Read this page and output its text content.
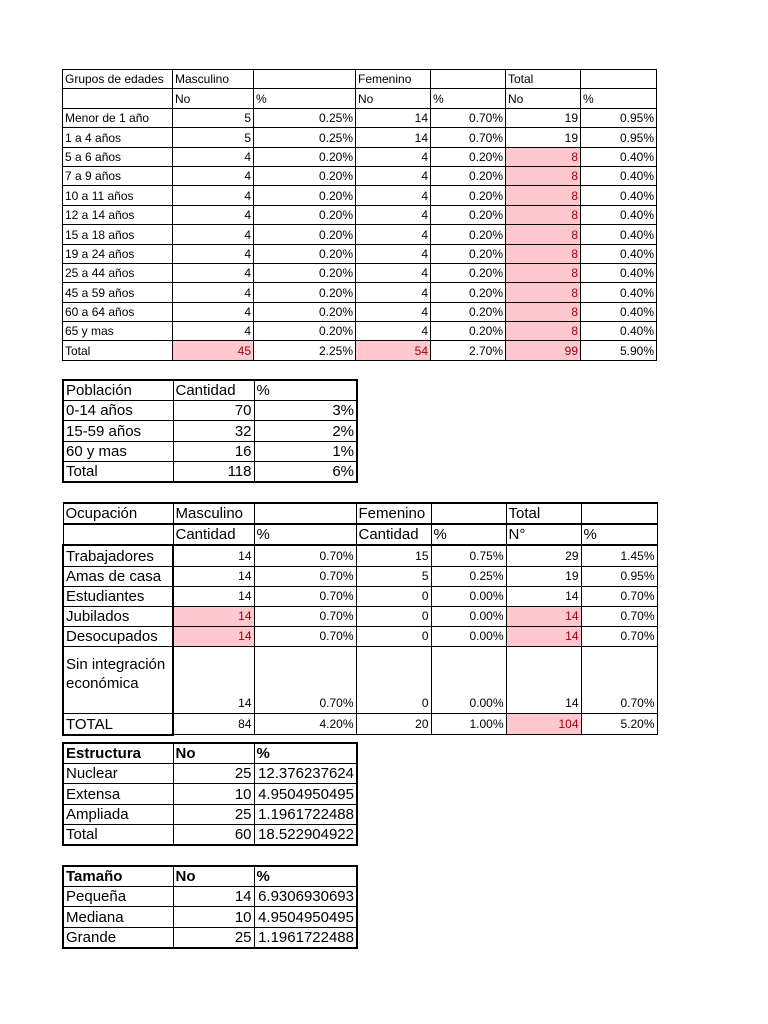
Grupos de edades	Masculino		Femenino		Total	
	No	%	No	%	No	%
Menor de 1 año	5	0.25%	14	0.70%	19	0.95%
1 a 4 años	5	0.25%	14	0.70%	19	0.95%
5 a 6 años	4	0.20%	4	0.20%	8	0.40%
7 a 9 años	4	0.20%	4	0.20%	8	0.40%
10 a 11 años	4	0.20%	4	0.20%	8	0.40%
12 a 14 años	4	0.20%	4	0.20%	8	0.40%
15 a 18 años	4	0.20%	4	0.20%	8	0.40%
19 a 24 años	4	0.20%	4	0.20%	8	0.40%
25 a 44 años	4	0.20%	4	0.20%	8	0.40%
45 a 59 años	4	0.20%	4	0.20%	8	0.40%
60 a 64 años	4	0.20%	4	0.20%	8	0.40%
65 y mas	4	0.20%	4	0.20%	8	0.40%
Total	45	2.25%	54	2.70%	99	5.90%
Población	Cantidad	%
0-14 años	70	3%
15-59 años	32	2%
60 y mas	16	1%
Total	118	6%
Ocupación	Masculino		Femenino		Total	
	Cantidad	%	Cantidad	%	N°	%
Trabajadores	14	0.70%	15	0.75%	29	1.45%
Amas de casa	14	0.70%	5	0.25%	19	0.95%
Estudiantes	14	0.70%	0	0.00%	14	0.70%
Jubilados	14	0.70%	0	0.00%	14	0.70%
Desocupados	14	0.70%	0	0.00%	14	0.70%
Sin integración económica	14	0.70%	0	0.00%	14	0.70%
TOTAL	84	4.20%	20	1.00%	104	5.20%
Estructura	No	%
Nuclear	25	12.376237624
Extensa	10	4.9504950495
Ampliada	25	1.1961722488
Total	60	18.522904922
Tamaño	No	%
Pequeña	14	6.9306930693
Mediana	10	4.9504950495
Grande	25	1.1961722488
